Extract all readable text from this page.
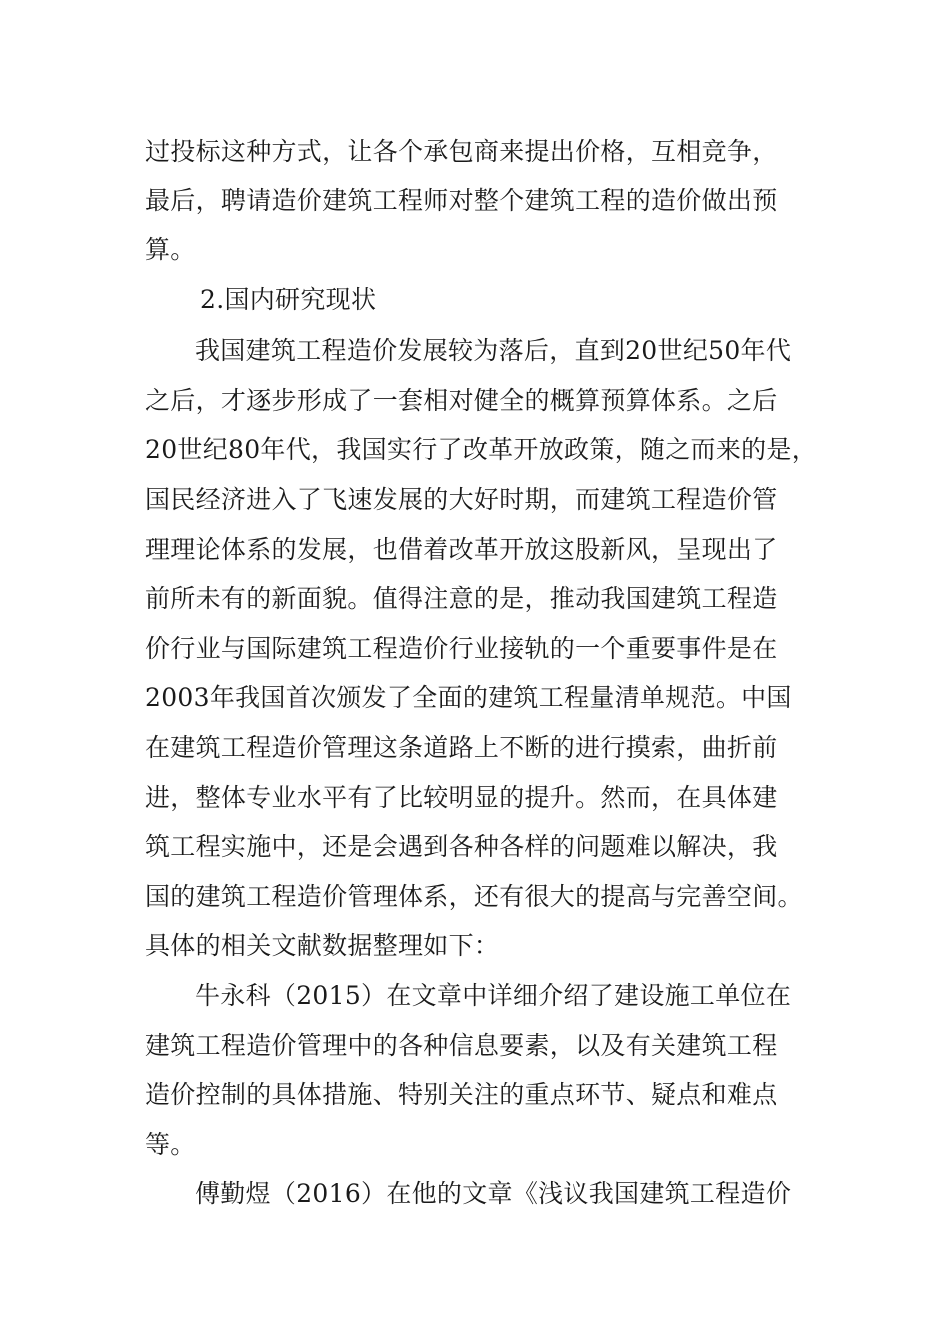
过投标这种方式，让各个承包商来提出价格，互相竞争，
最后，聘请造价建筑工程师对整个建筑工程的造价做出预
算。
2.国内研究现状
我国建筑工程造价发展较为落后，直到20世纪50年代
之后，才逐步形成了一套相对健全的概算预算体系。之后
20世纪80年代，我国实行了改革开放政策，随之而来的是，
国民经济进入了飞速发展的大好时期，而建筑工程造价管
理理论体系的发展，也借着改革开放这股新风，呈现出了
前所未有的新面貌。值得注意的是，推动我国建筑工程造
价行业与国际建筑工程造价行业接轨的一个重要事件是在
2003年我国首次颁发了全面的建筑工程量清单规范。中国
在建筑工程造价管理这条道路上不断的进行摸索，曲折前
进，整体专业水平有了比较明显的提升。然而，在具体建
筑工程实施中，还是会遇到各种各样的问题难以解决，我
国的建筑工程造价管理体系，还有很大的提高与完善空间。
具体的相关文献数据整理如下：
牛永科（2015）在文章中详细介绍了建设施工单位在
建筑工程造价管理中的各种信息要素，以及有关建筑工程
造价控制的具体措施、特别关注的重点环节、疑点和难点
等。
傅勤煜（2016）在他的文章《浅议我国建筑工程造价
